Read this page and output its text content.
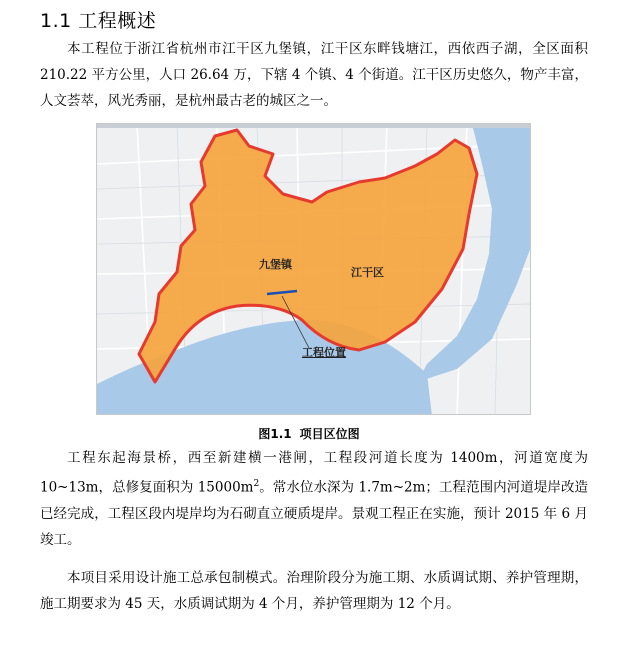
1.1 工程概述

本工程位于浙江省杭州市江干区九堡镇，江干区东畔钱塘江，西依西子湖，全区面积 210.22 平方公里，人口 26.64 万，下辖 4 个镇、4 个街道。江干区历史悠久，物产丰富，人文荟萃，风光秀丽，是杭州最古老的城区之一。

九堡镇
江干区
工程位置
图1.1 项目区位图

工程东起海景桥，西至新建横一港闸，工程段河道长度为 1400m，河道宽度为 10~13m，总修复面积为 $15000m^2$。常水位水深为 1.7m~2m；工程范围内河道堤岸改造已经完成，工程区段内堤岸均为石砌直立硬质堤岸。景观工程正在实施，预计 2015 年 6 月竣工。

本项目采用设计施工总承包制模式。治理阶段分为施工期、水质调试期、养护管理期，施工期要求为 45 天，水质调试期为 4 个月，养护管理期为 12 个月。
